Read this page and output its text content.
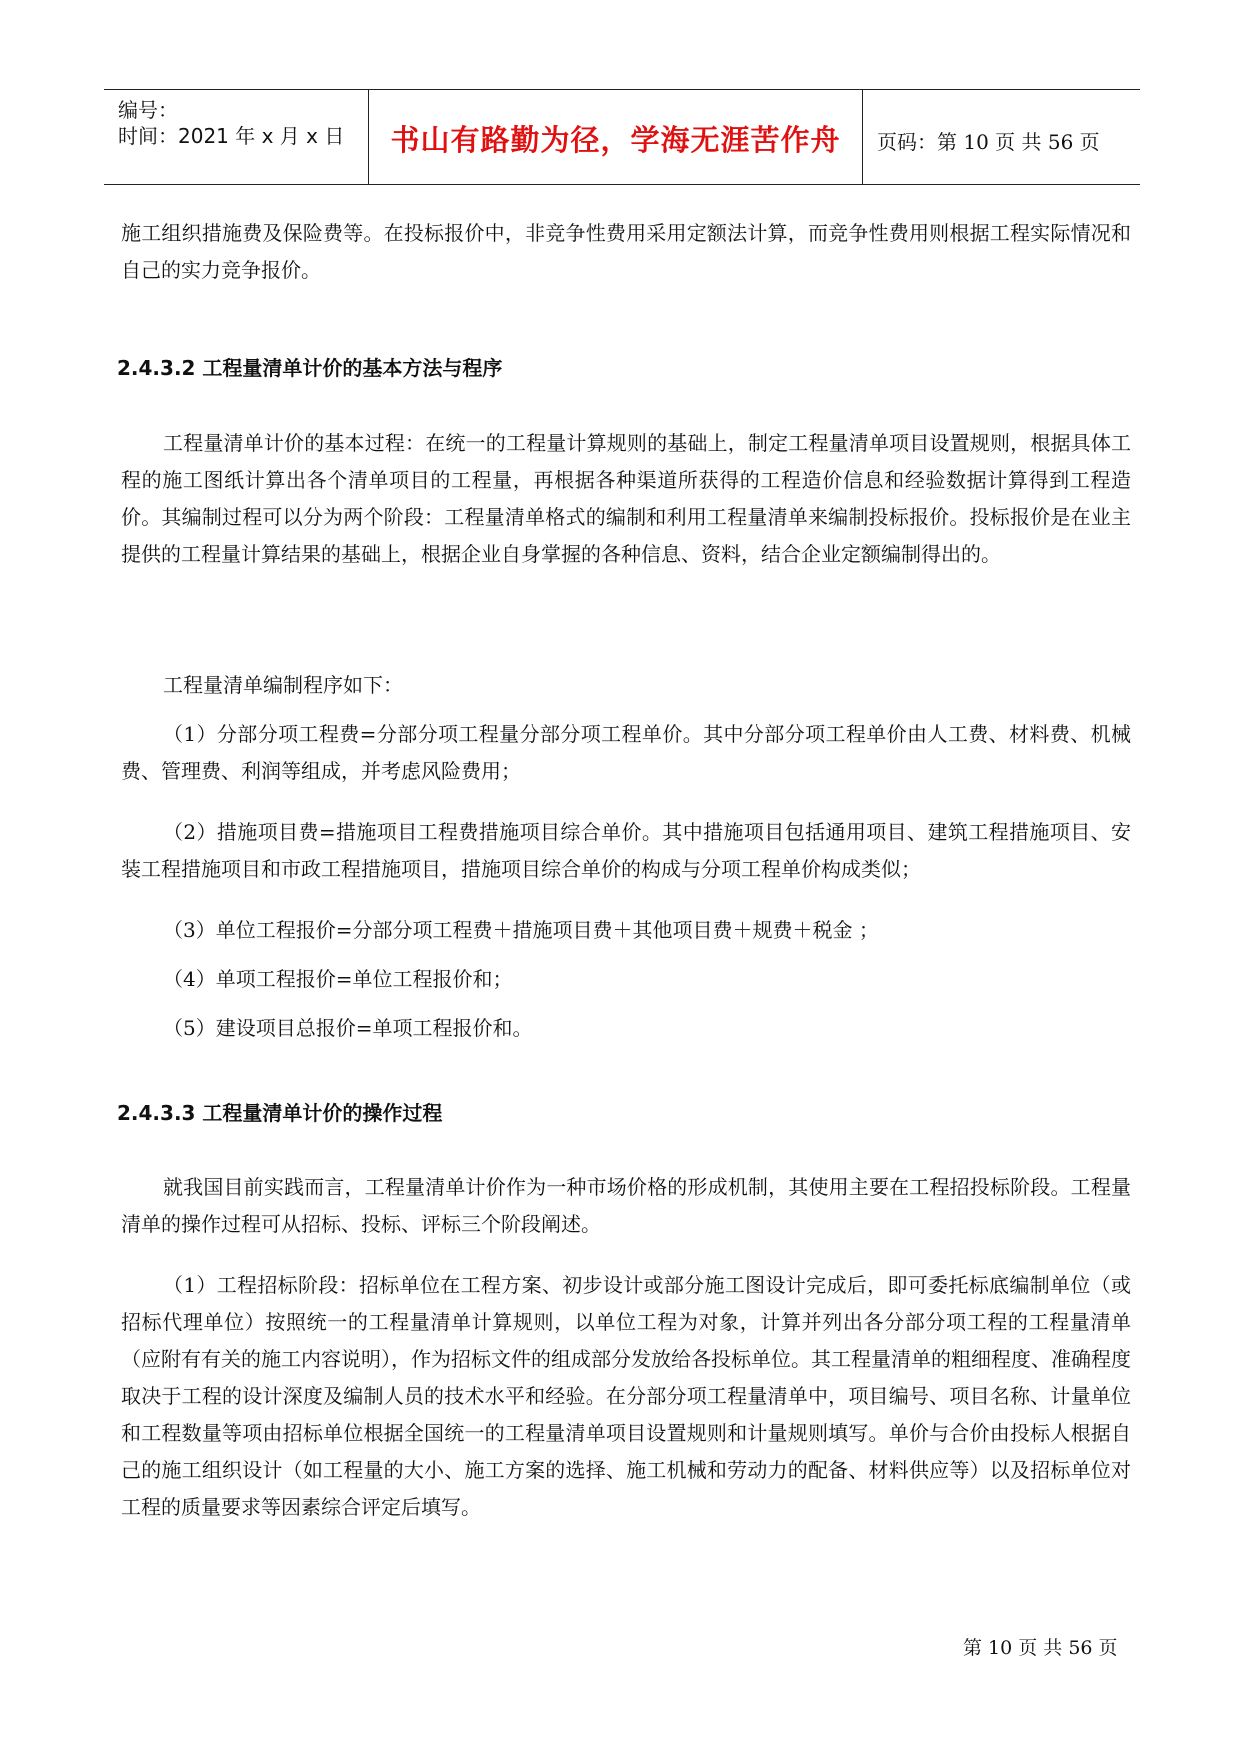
编号：
时间：2021 年 x 月 x 日	书山有路勤为径，学海无涯苦作舟	页码：第 10 页 共 56 页

施工组织措施费及保险费等。在投标报价中，非竞争性费用采用定额法计算，而竞争性费用则根据工程实际情况和自己的实力竞争报价。

2.4.3.2 工程量清单计价的基本方法与程序

工程量清单计价的基本过程：在统一的工程量计算规则的基础上，制定工程量清单项目设置规则，根据具体工程的施工图纸计算出各个清单项目的工程量，再根据各种渠道所获得的工程造价信息和经验数据计算得到工程造价。其编制过程可以分为两个阶段：工程量清单格式的编制和利用工程量清单来编制投标报价。投标报价是在业主提供的工程量计算结果的基础上，根据企业自身掌握的各种信息、资料，结合企业定额编制得出的。

工程量清单编制程序如下：

（1）分部分项工程费=分部分项工程量分部分项工程单价。其中分部分项工程单价由人工费、材料费、机械费、管理费、利润等组成，并考虑风险费用；

（2）措施项目费=措施项目工程费措施项目综合单价。其中措施项目包括通用项目、建筑工程措施项目、安装工程措施项目和市政工程措施项目，措施项目综合单价的构成与分项工程单价构成类似；

（3）单位工程报价=分部分项工程费＋措施项目费＋其他项目费＋规费＋税金 ；

（4）单项工程报价=单位工程报价和；

（5）建设项目总报价=单项工程报价和。

2.4.3.3 工程量清单计价的操作过程

就我国目前实践而言，工程量清单计价作为一种市场价格的形成机制，其使用主要在工程招投标阶段。工程量清单的操作过程可从招标、投标、评标三个阶段阐述。

（1）工程招标阶段：招标单位在工程方案、初步设计或部分施工图设计完成后，即可委托标底编制单位（或招标代理单位）按照统一的工程量清单计算规则，以单位工程为对象，计算并列出各分部分项工程的工程量清单（应附有有关的施工内容说明），作为招标文件的组成部分发放给各投标单位。其工程量清单的粗细程度、准确程度取决于工程的设计深度及编制人员的技术水平和经验。在分部分项工程量清单中，项目编号、项目名称、计量单位和工程数量等项由招标单位根据全国统一的工程量清单项目设置规则和计量规则填写。单价与合价由投标人根据自己的施工组织设计（如工程量的大小、施工方案的选择、施工机械和劳动力的配备、材料供应等）以及招标单位对工程的质量要求等因素综合评定后填写。

第 10 页 共 56 页
